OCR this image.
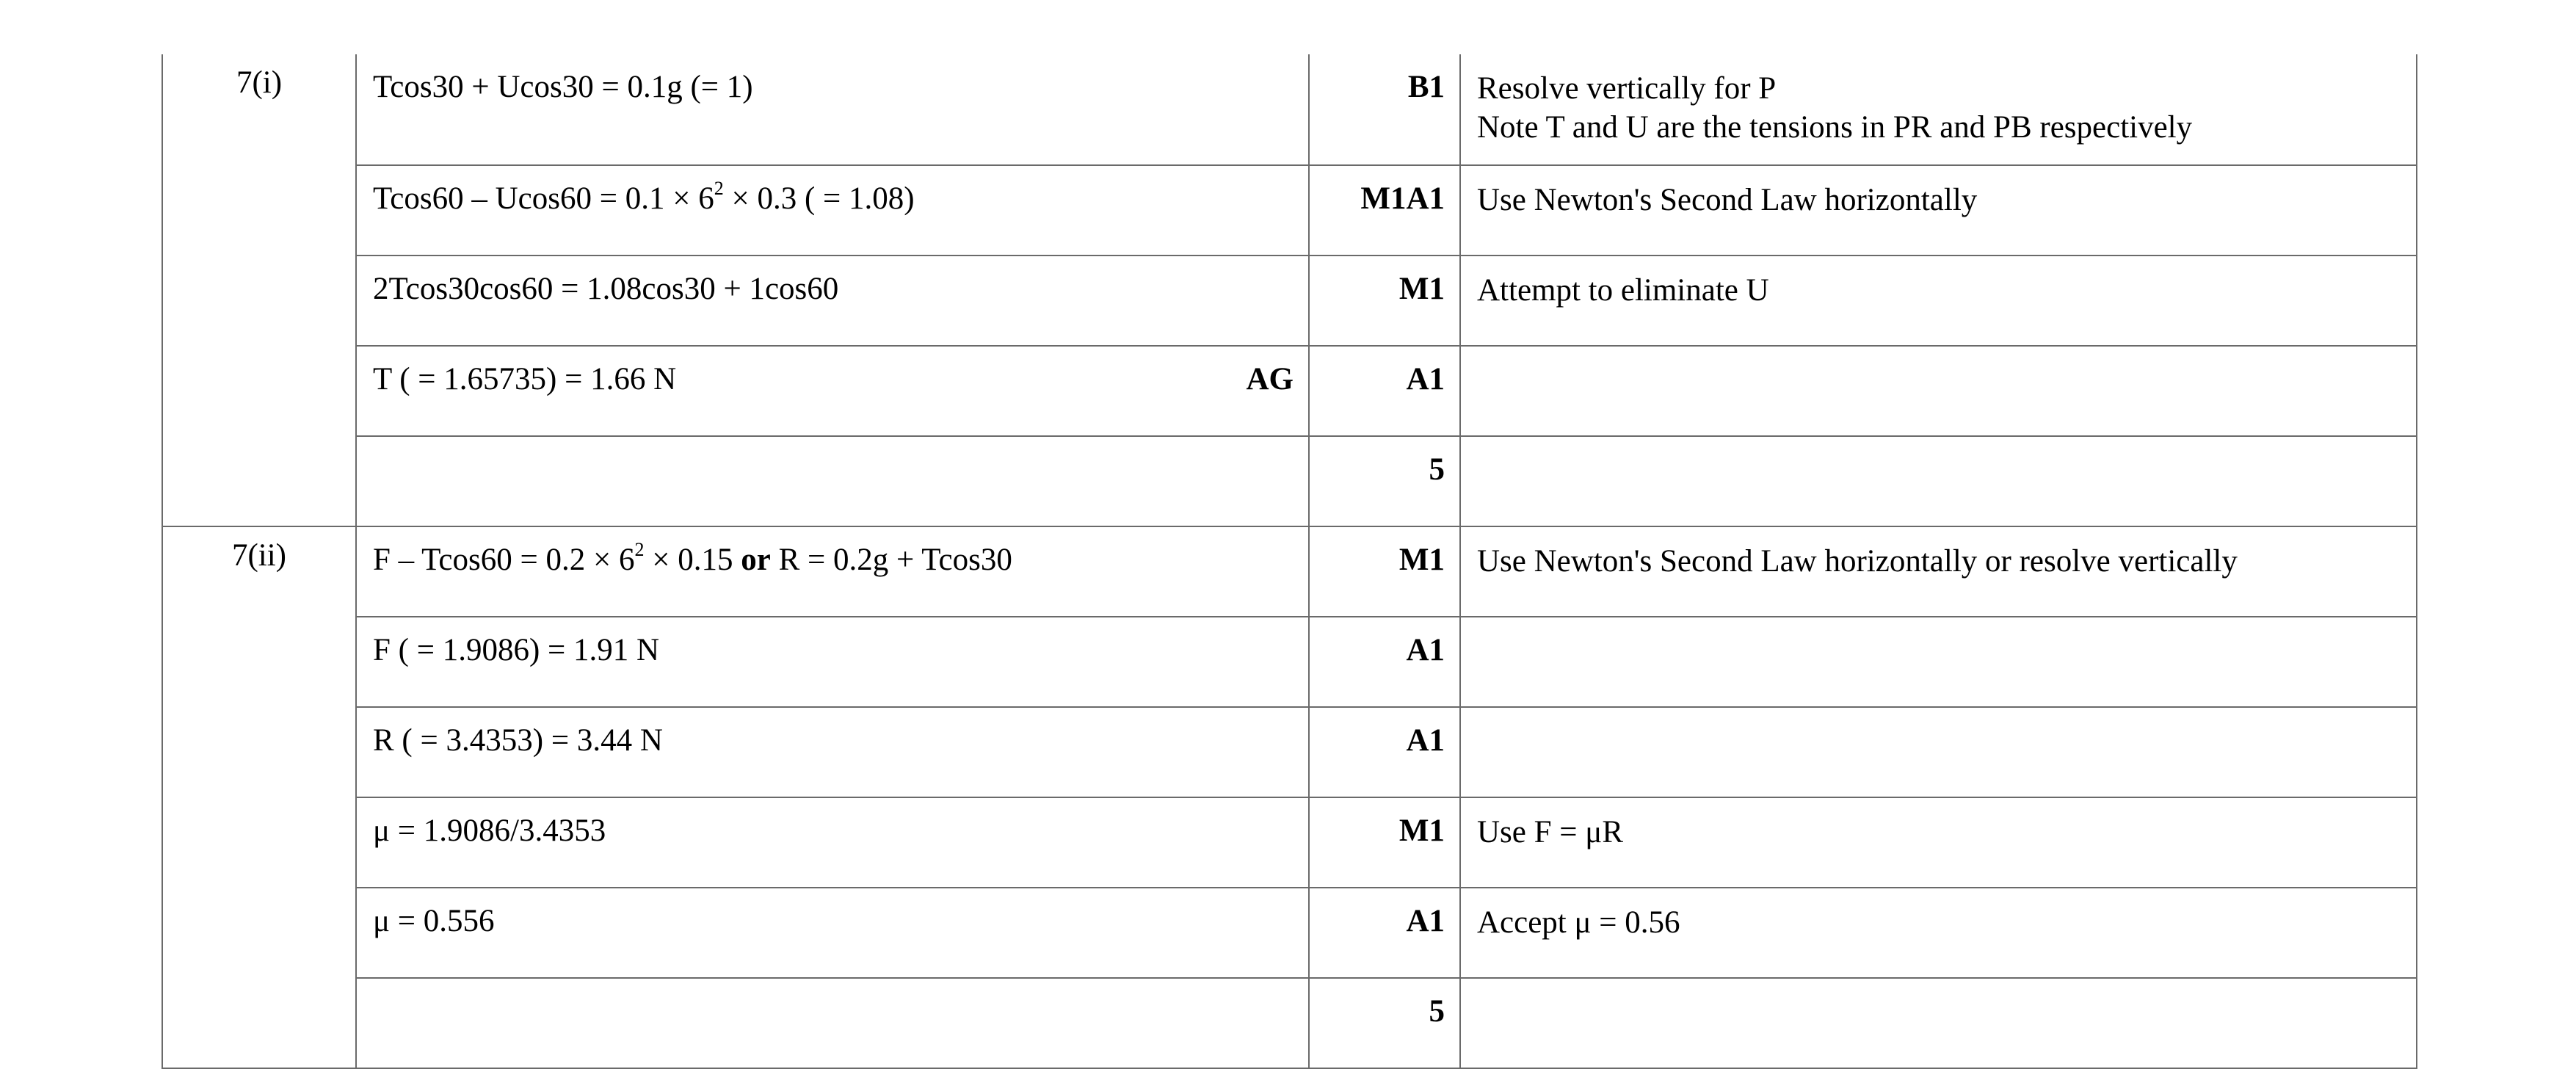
7(i)	Tcos30 + Ucos30 = 0.1g (= 1)	B1	Resolve vertically for P
Note T and U are the tensions in PR and PB respectively

	$Tcos60 - Ucos60 = 0.1 \times 6^2 \times 0.3$ ( = 1.08)	M1A1	Use Newton's Second Law horizontally

	2Tcos30cos60 = 1.08cos30 + 1cos60	M1	Attempt to eliminate U

	T ( = 1.65735) = 1.66 N AG	A1	
		5	
7(ii)	$F - Tcos60 = 0.2 \times 6^2 \times 0.15$ or R = 0.2g + Tcos30	M1	Use Newton's Second Law horizontally or resolve vertically

	F ( = 1.9086) = 1.91 N	A1	
	R ( = 3.4353) = 3.44 N	A1	
	μ = 1.9086/3.4353	M1	Use F = μR

	μ = 0.556	A1	Accept μ = 0.56

		5	
